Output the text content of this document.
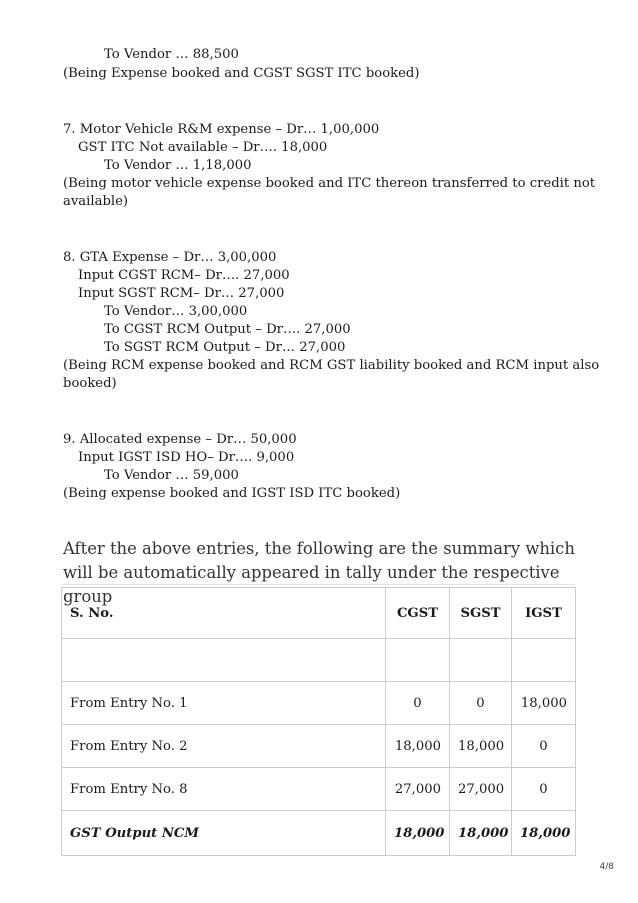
To Vendor … 88,500
(Being Expense booked and CGST SGST ITC booked)
7. Motor Vehicle R&M expense – Dr… 1,00,000
GST ITC Not available – Dr…. 18,000
To Vendor … 1,18,000
(Being motor vehicle expense booked and ITC thereon transferred to credit not
available)
8. GTA Expense – Dr… 3,00,000
Input CGST RCM– Dr…. 27,000
Input SGST RCM– Dr… 27,000
To Vendor… 3,00,000
To CGST RCM Output – Dr…. 27,000
To SGST RCM Output – Dr… 27,000
(Being RCM expense booked and RCM GST liability booked and RCM input also
booked)
9. Allocated expense – Dr… 50,000
Input IGST ISD HO– Dr…. 9,000
To Vendor … 59,000
(Being expense booked and IGST ISD ITC booked)
After the above entries, the following are the summary which will be automatically appeared in tally under the respective group
S. No.	CGST	SGST	IGST

From Entry No. 1	0	0	18,000
From Entry No. 2	18,000	18,000	0
From Entry No. 8	27,000	27,000	0
GST Output NCM	18,000	18,000	18,000
4/8
